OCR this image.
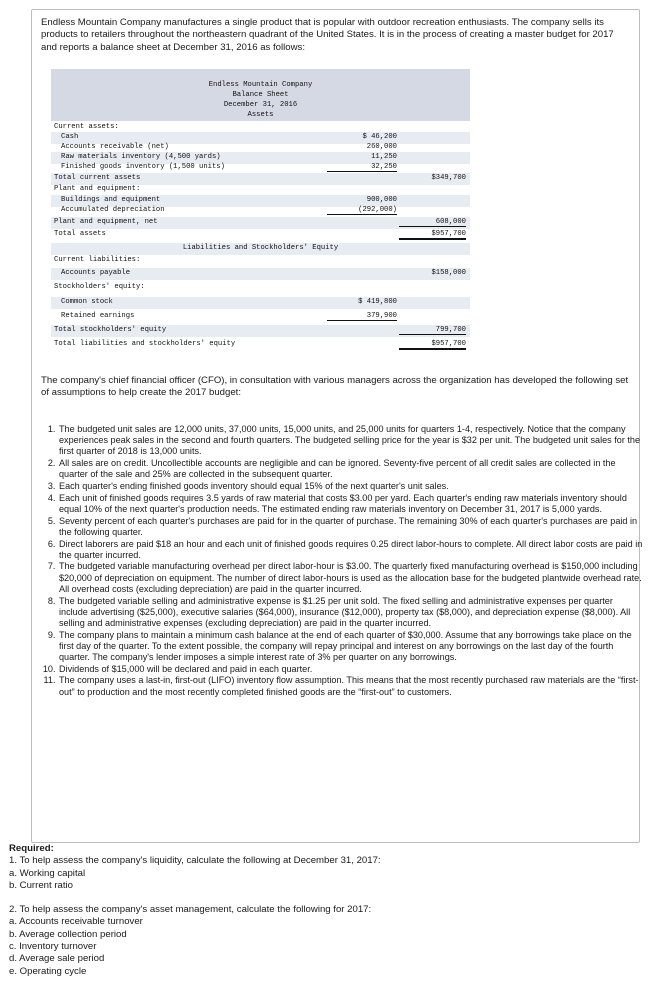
Endless Mountain Company manufactures a single product that is popular with outdoor recreation enthusiasts. The company sells its products to retailers throughout the northeastern quadrant of the United States. It is in the process of creating a master budget for 2017 and reports a balance sheet at December 31, 2016 as follows:
Endless Mountain Company
Balance Sheet
December 31, 2016
Assets
Current assets:
Cash	$ 46,200
Accounts receivable (net)	260,000
Raw materials inventory (4,500 yards)	11,250
Finished goods inventory (1,500 units)	32,250
Total current assets	$349,700
Plant and equipment:
Buildings and equipment	900,000
Accumulated depreciation	(292,000)
Plant and equipment, net	608,000
Total assets	$957,700
Liabilities and Stockholders' Equity
Current liabilities:
Accounts payable	$158,000
Stockholders' equity:
Common stock	$ 419,800
Retained earnings	379,900
Total stockholders' equity	799,700
Total liabilities and stockholders' equity	$957,700
The company's chief financial officer (CFO), in consultation with various managers across the organization has developed the following set of assumptions to help create the 2017 budget:
1. The budgeted unit sales are 12,000 units, 37,000 units, 15,000 units, and 25,000 units for quarters 1-4, respectively. Notice that the company experiences peak sales in the second and fourth quarters. The budgeted selling price for the year is $32 per unit. The budgeted unit sales for the first quarter of 2018 is 13,000 units.
2. All sales are on credit. Uncollectible accounts are negligible and can be ignored. Seventy-five percent of all credit sales are collected in the quarter of the sale and 25% are collected in the subsequent quarter.
3. Each quarter's ending finished goods inventory should equal 15% of the next quarter's unit sales.
4. Each unit of finished goods requires 3.5 yards of raw material that costs $3.00 per yard. Each quarter's ending raw materials inventory should equal 10% of the next quarter's production needs. The estimated ending raw materials inventory on December 31, 2017 is 5,000 yards.
5. Seventy percent of each quarter's purchases are paid for in the quarter of purchase. The remaining 30% of each quarter's purchases are paid in the following quarter.
6. Direct laborers are paid $18 an hour and each unit of finished goods requires 0.25 direct labor-hours to complete. All direct labor costs are paid in the quarter incurred.
7. The budgeted variable manufacturing overhead per direct labor-hour is $3.00. The quarterly fixed manufacturing overhead is $150,000 including $20,000 of depreciation on equipment. The number of direct labor-hours is used as the allocation base for the budgeted plantwide overhead rate. All overhead costs (excluding depreciation) are paid in the quarter incurred.
8. The budgeted variable selling and administrative expense is $1.25 per unit sold. The fixed selling and administrative expenses per quarter include advertising ($25,000), executive salaries ($64,000), insurance ($12,000), property tax ($8,000), and depreciation expense ($8,000). All selling and administrative expenses (excluding depreciation) are paid in the quarter incurred.
9. The company plans to maintain a minimum cash balance at the end of each quarter of $30,000. Assume that any borrowings take place on the first day of the quarter. To the extent possible, the company will repay principal and interest on any borrowings on the last day of the fourth quarter. The company's lender imposes a simple interest rate of 3% per quarter on any borrowings.
10. Dividends of $15,000 will be declared and paid in each quarter.
11. The company uses a last-in, first-out (LIFO) inventory flow assumption. This means that the most recently purchased raw materials are the “first-out” to production and the most recently completed finished goods are the “first-out” to customers.
Required:
1. To help assess the company's liquidity, calculate the following at December 31, 2017:
a. Working capital
b. Current ratio
2. To help assess the company's asset management, calculate the following for 2017:
a. Accounts receivable turnover
b. Average collection period
c. Inventory turnover
d. Average sale period
e. Operating cycle
